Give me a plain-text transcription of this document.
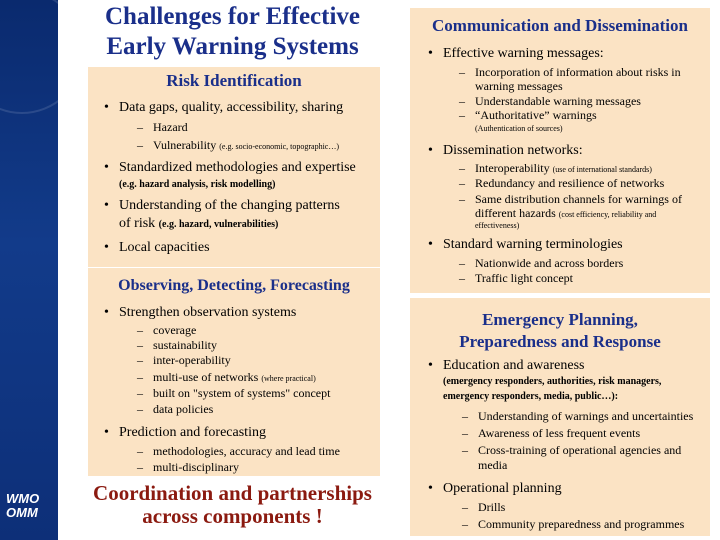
WMO
OMM
Challenges for Effective
Early Warning Systems
Risk Identification
• Data gaps, quality, accessibility, sharing
– Hazard
– Vulnerability (e.g. socio-economic, topographic…)
• Standardized methodologies and expertise
(e.g. hazard analysis, risk modelling)
• Understanding of the changing patterns
of risk (e.g. hazard, vulnerabilities)
• Local capacities
Observing, Detecting, Forecasting
• Strengthen observation systems
– coverage
– sustainability
– inter-operability
– multi-use of networks (where practical)
– built on "system of systems" concept
– data policies
• Prediction and forecasting
– methodologies, accuracy and lead time
– multi-disciplinary
Coordination and partnerships
across components !
Communication and Dissemination
• Effective warning messages:
– Incorporation of information about risks in
warning messages
– Understandable warning messages
– “Authoritative” warnings
(Authentication of sources)
• Dissemination networks:
– Interoperability (use of international standards)
– Redundancy and resilience of networks
– Same distribution channels for warnings of
different hazards (cost efficiency, reliability and
effectiveness)
• Standard warning terminologies
– Nationwide and across borders
– Traffic light concept
Emergency Planning,
Preparedness and Response
• Education and awareness
(emergency responders, authorities, risk managers,
emergency responders, media, public…):
– Understanding of warnings and uncertainties
– Awareness of less frequent events
– Cross-training of operational agencies and
media
• Operational planning
– Drills
– Community preparedness and programmes
